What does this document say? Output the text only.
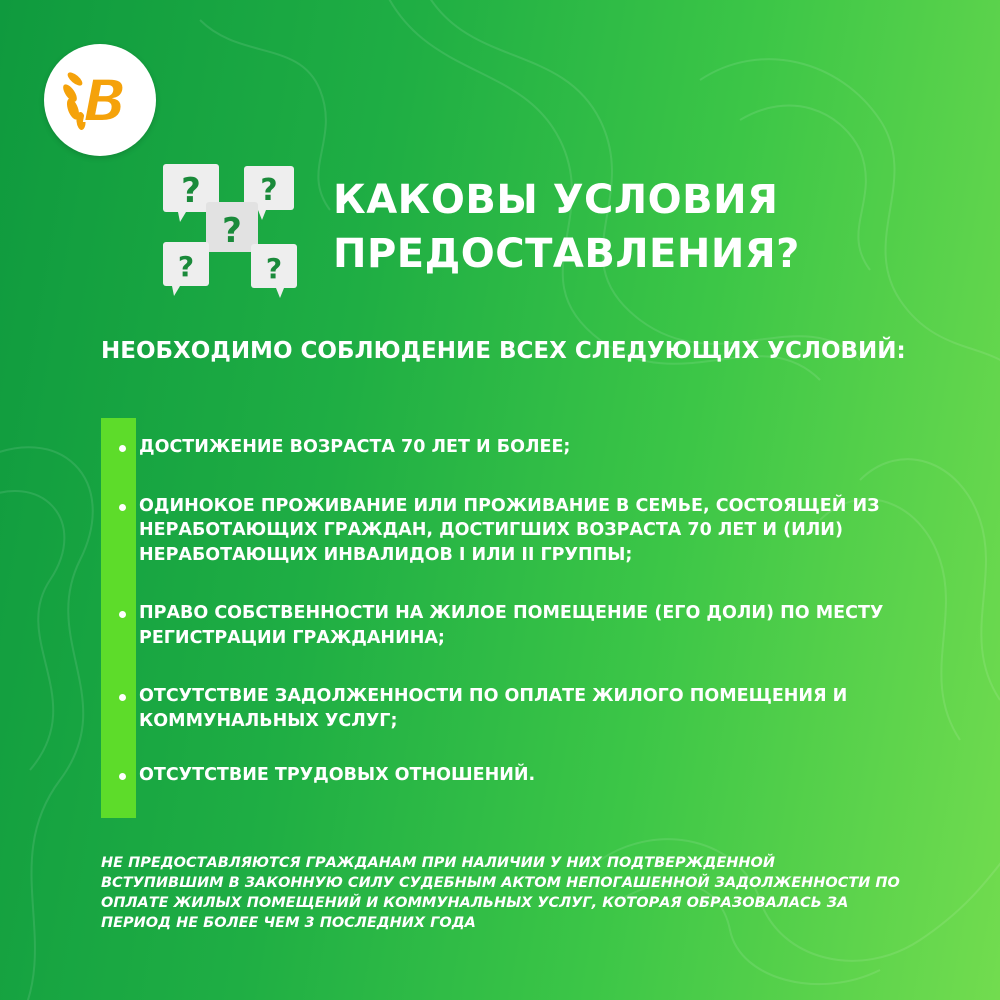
В
? ?
?
?	?
КАКОВЫ УСЛОВИЯ
ПРЕДОСТАВЛЕНИЯ?

НЕОБХОДИМО СОБЛЮДЕНИЕ ВСЕХ СЛЕДУЮЩИХ УСЛОВИЙ:

ДОСТИЖЕНИЕ ВОЗРАСТА 70 ЛЕТ И БОЛЕЕ;
ОДИНОКОЕ ПРОЖИВАНИЕ ИЛИ ПРОЖИВАНИЕ В СЕМЬЕ, СОСТОЯЩЕЙ ИЗ НЕРАБОТАЮЩИХ ГРАЖДАН, ДОСТИГШИХ ВОЗРАСТА 70 ЛЕТ И (ИЛИ) НЕРАБОТАЮЩИХ ИНВАЛИДОВ I ИЛИ II ГРУППЫ;
ПРАВО СОБСТВЕННОСТИ НА ЖИЛОЕ ПОМЕЩЕНИЕ (ЕГО ДОЛИ) ПО МЕСТУ РЕГИСТРАЦИИ ГРАЖДАНИНА;
ОТСУТСТВИЕ ЗАДОЛЖЕННОСТИ ПО ОПЛАТЕ ЖИЛОГО ПОМЕЩЕНИЯ И КОММУНАЛЬНЫХ УСЛУГ;
ОТСУТСТВИЕ ТРУДОВЫХ ОТНОШЕНИЙ.

НЕ ПРЕДОСТАВЛЯЮТСЯ ГРАЖДАНАМ ПРИ НАЛИЧИИ У НИХ ПОДТВЕРЖДЕННОЙ ВСТУПИВШИМ В ЗАКОННУЮ СИЛУ СУДЕБНЫМ АКТОМ НЕПОГАШЕННОЙ ЗАДОЛЖЕННОСТИ ПО ОПЛАТЕ ЖИЛЫХ ПОМЕЩЕНИЙ И КОММУНАЛЬНЫХ УСЛУГ, КОТОРАЯ ОБРАЗОВАЛАСЬ ЗА ПЕРИОД НЕ БОЛЕЕ ЧЕМ 3 ПОСЛЕДНИХ ГОДА
